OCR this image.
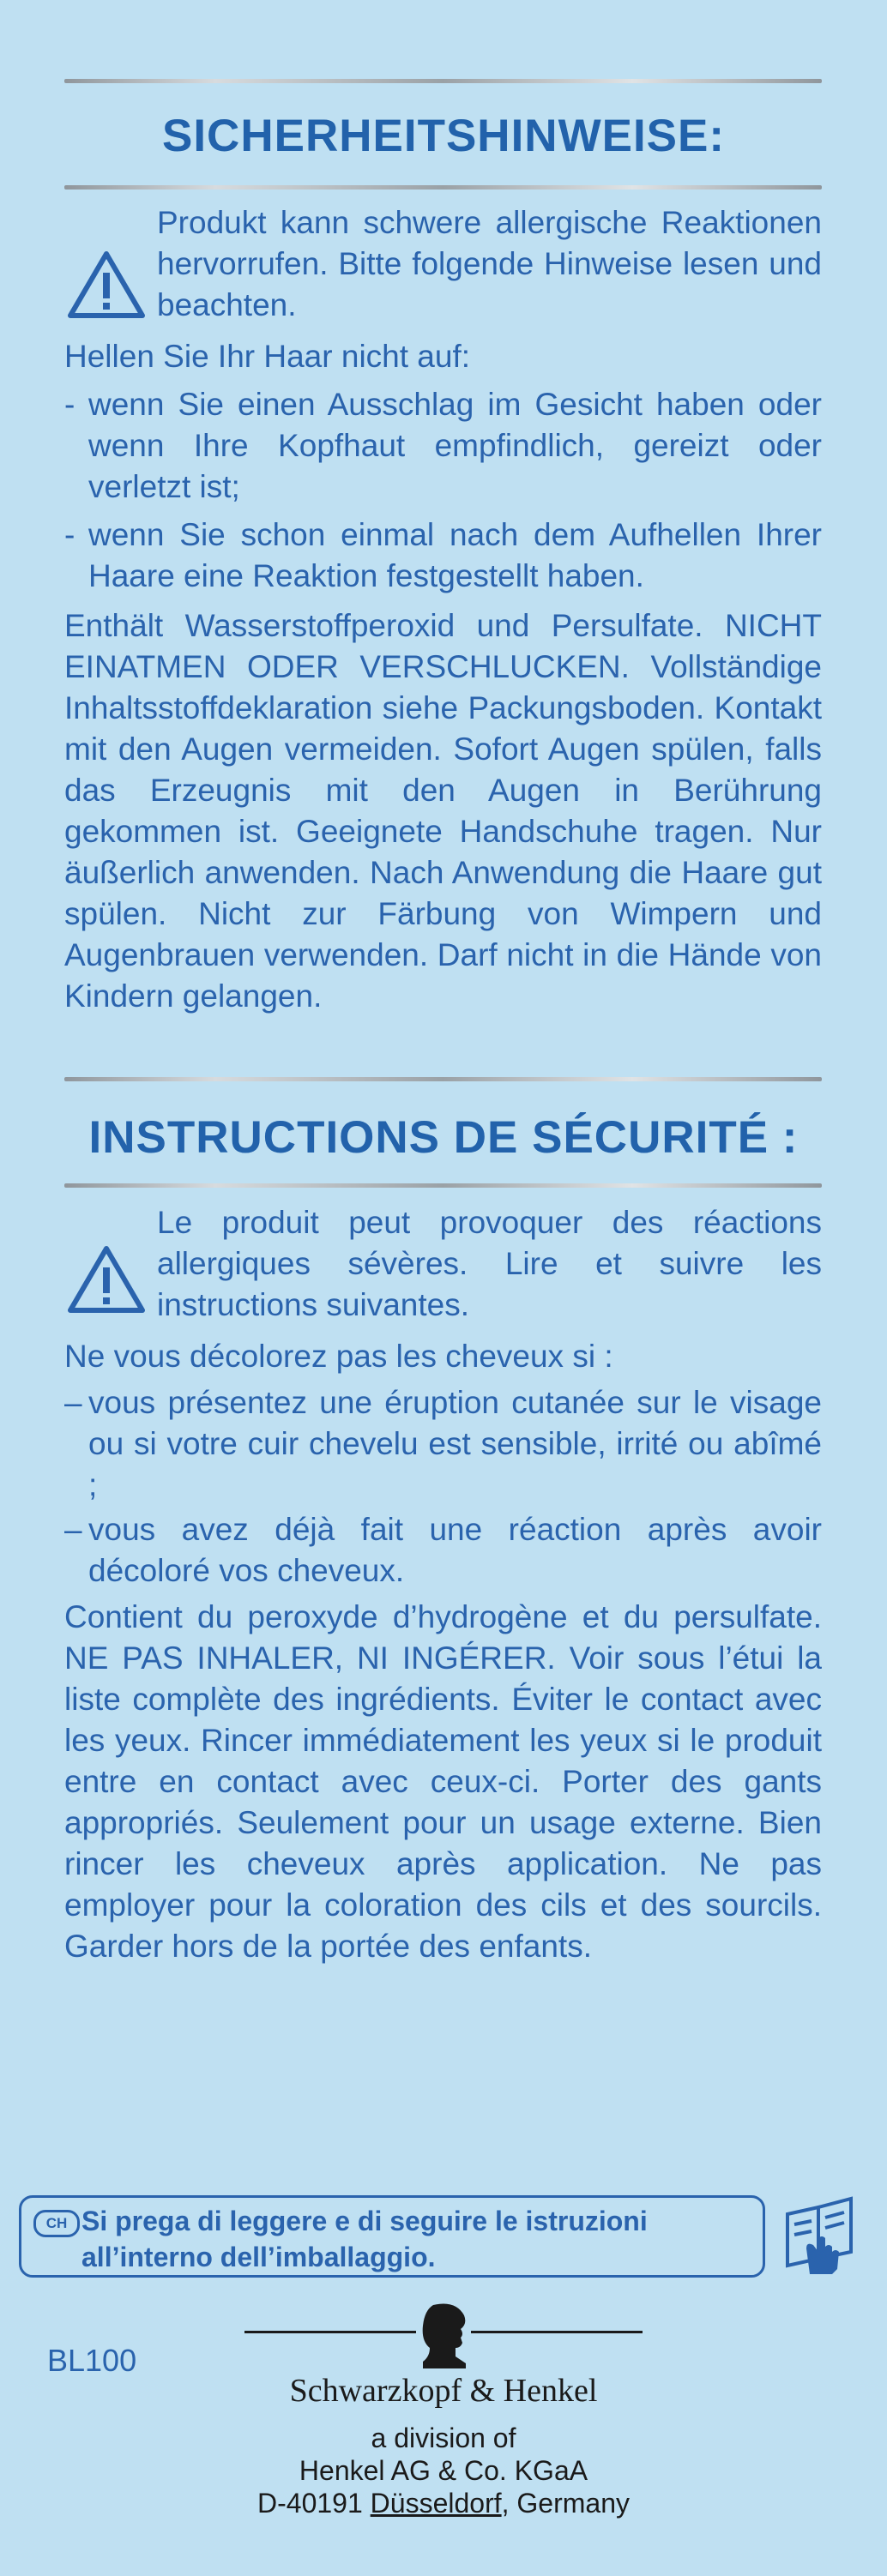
SICHERHEITSHINWEISE:
Produkt kann schwere allergische Reaktionen hervorrufen. Bitte folgende Hinweise lesen und beachten.
Hellen Sie Ihr Haar nicht auf:
- wenn Sie einen Ausschlag im Gesicht haben oder wenn Ihre Kopfhaut empfindlich, gereizt oder verletzt ist;
- wenn Sie schon einmal nach dem Aufhellen Ihrer Haare eine Reaktion festgestellt haben.
Enthält Wasserstoffperoxid und Persulfate. NICHT EINATMEN ODER VERSCHLUCKEN. Vollständige Inhaltsstoffdeklaration siehe Packungsboden. Kontakt mit den Augen vermeiden. Sofort Augen spülen, falls das Erzeugnis mit den Augen in Berührung gekommen ist. Geeignete Handschuhe tragen. Nur äußerlich anwenden. Nach Anwendung die Haare gut spülen. Nicht zur Färbung von Wimpern und Augenbrauen verwenden. Darf nicht in die Hände von Kindern gelangen.
INSTRUCTIONS DE SÉCURITÉ :
Le produit peut provoquer des réactions allergiques sévères. Lire et suivre les instructions suivantes.
Ne vous décolorez pas les cheveux si :
– vous présentez une éruption cutanée sur le visage ou si votre cuir chevelu est sensible, irrité ou abîmé ;
– vous avez déjà fait une réaction après avoir décoloré vos cheveux.
Contient du peroxyde d’hydrogène et du persulfate. NE PAS INHALER, NI INGÉRER. Voir sous l’étui la liste complète des ingrédients. Éviter le contact avec les yeux. Rincer immédiatement les yeux si le produit entre en contact avec ceux-ci. Porter des gants appropriés. Seulement pour un usage externe. Bien rincer les cheveux après application. Ne pas employer pour la coloration des cils et des sourcils. Garder hors de la portée des enfants.
CH Si prega di leggere e di seguire le istruzioni all’interno dell’imballaggio.
BL100
Schwarzkopf & Henkel
a division of
Henkel AG & Co. KGaA
D-40191 Düsseldorf, Germany
